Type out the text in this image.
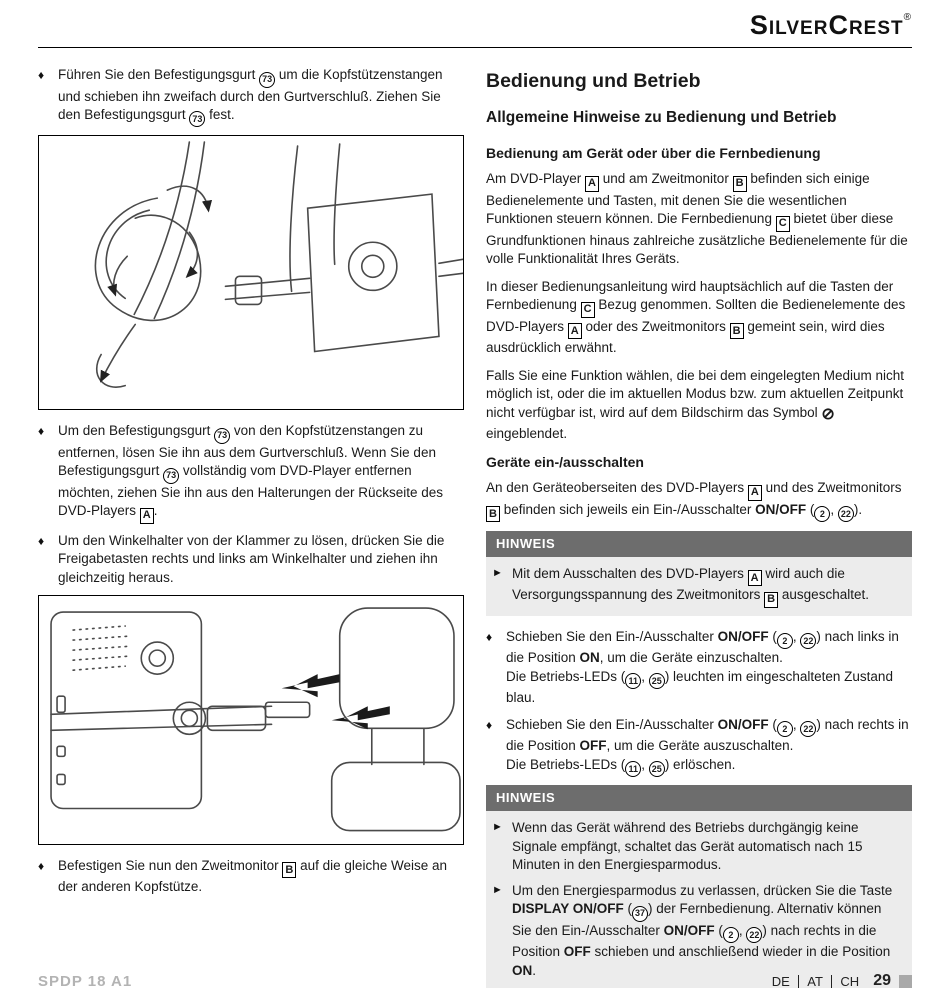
SilverCrest®
♦	Führen Sie den Befestigungsgurt 73 um die Kopfstützenstangen und schieben ihn zweifach durch den Gurtverschluß. Ziehen Sie den Befestigungsgurt 73 fest.
♦	Um den Befestigungsgurt 73 von den Kopfstützenstangen zu entfernen, lösen Sie ihn aus dem Gurtverschluß. Wenn Sie den Befestigungsgurt 73 vollständig vom DVD-Player entfernen möchten, ziehen Sie ihn aus den Halterungen der Rückseite des DVD-Players A .
♦	Um den Winkelhalter von der Klammer zu lösen, drücken Sie die Freigabetasten rechts und links am Winkelhalter und ziehen ihn gleichzeitig heraus.
♦	Befestigen Sie nun den Zweitmonitor B auf die gleiche Weise an der anderen Kopfstütze.
Bedienung und Betrieb
Allgemeine Hinweise zu Bedienung und Betrieb
Bedienung am Gerät oder über die Fernbedienung

Am DVD-Player A und am Zweitmonitor B befinden sich einige Bedienelemente und Tasten, mit denen Sie die wesentlichen Funktionen steuern können. Die Fernbedienung C bietet über diese Grundfunktionen hinaus zahlreiche zusätzliche Bedienelemente für die volle Funktionalität Ihres Geräts.

In dieser Bedienungsanleitung wird hauptsächlich auf die Tasten der Fernbedienung C Bezug genommen. Sollten die Bedienelemente des DVD-Players A oder des Zweitmonitors B gemeint sein, wird dies ausdrücklich erwähnt.

Falls Sie eine Funktion wählen, die bei dem eingelegten Medium nicht möglich ist, oder die im aktuellen Modus bzw. zum aktuellen Zeitpunkt nicht verfügbar ist, wird auf dem Bildschirm das Symbol ⊘ eingeblendet.

Geräte ein-/ausschalten

An den Geräteoberseiten des DVD-Players A und des Zweitmonitors B befinden sich jeweils ein Ein-/Ausschalter ON/OFF ( 2 , 22 ).

HINWEIS
► Mit dem Ausschalten des DVD-Players A wird auch die Versorgungsspannung des Zweitmonitors B ausgeschaltet.
♦	Schieben Sie den Ein-/Ausschalter ON/OFF ( 2 , 22 ) nach links in die Position ON, um die Geräte einzuschalten.
Die Betriebs-LEDs ( 11 , 25 ) leuchten im eingeschalteten Zustand blau.
♦	Schieben Sie den Ein-/Ausschalter ON/OFF ( 2 , 22 ) nach rechts in die Position OFF, um die Geräte auszuschalten.
Die Betriebs-LEDs ( 11 , 25 ) erlöschen.
HINWEIS
► Wenn das Gerät während des Betriebs durchgängig keine Signale empfängt, schaltet das Gerät automatisch nach 15 Minuten in den Energiesparmodus.
► Um den Energiesparmodus zu verlassen, drücken Sie die Taste DISPLAY ON/OFF ( 37 ) der Fernbedienung. Alternativ können Sie den Ein-/Ausschalter ON/OFF ( 2 , 22 ) nach rechts in die Position OFF schieben und anschließend wieder in die Position ON.
SPDP 18 A1	DE AT CH 29
